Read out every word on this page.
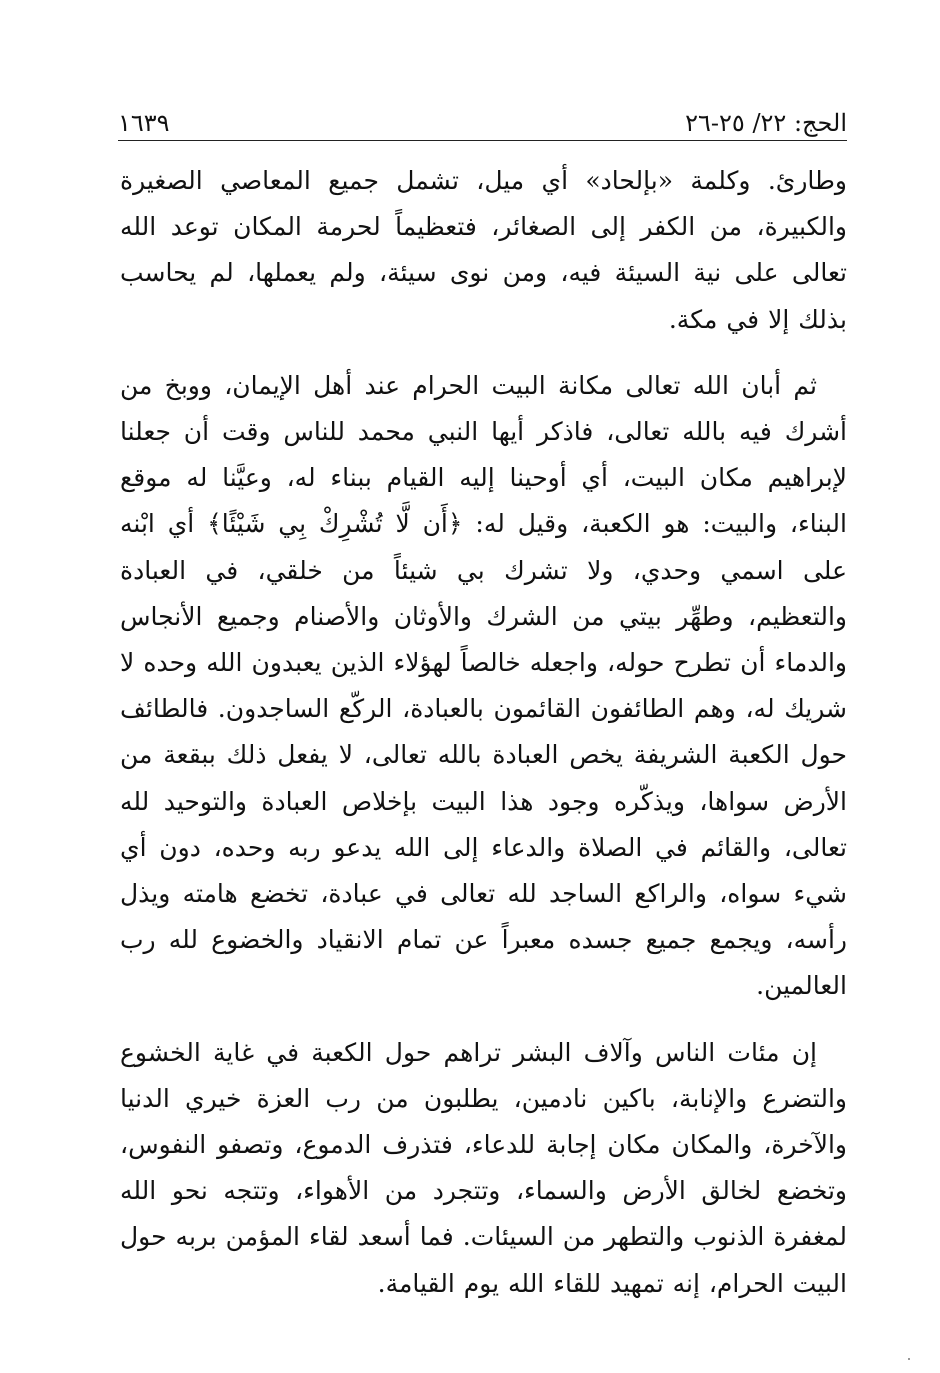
الحج: ٢٢/ ٢٥-٢٦
١٦٣٩

وطارئ. وكلمة «بإلحاد» أي ميل، تشمل جميع المعاصي الصغيرة والكبيرة، من الكفر إلى الصغائر، فتعظيماً لحرمة المكان توعد الله تعالى على نية السيئة فيه، ومن نوى سيئة، ولم يعملها، لم يحاسب بذلك إلا في مكة.

ثم أبان الله تعالى مكانة البيت الحرام عند أهل الإيمان، ووبخ من أشرك فيه بالله تعالى، فاذكر أيها النبي محمد للناس وقت أن جعلنا لإبراهيم مكان البيت، أي أوحينا إليه القيام ببناء له، وعيَّنا له موقع البناء، والبيت: هو الكعبة، وقيل له: ﴿أَن لَّا تُشْرِكْ بِي شَيْئًا﴾ أي ابْنه على اسمي وحدي، ولا تشرك بي شيئاً من خلقي، في العبادة والتعظيم، وطهِّر بيتي من الشرك والأوثان والأصنام وجميع الأنجاس والدماء أن تطرح حوله، واجعله خالصاً لهؤلاء الذين يعبدون الله وحده لا شريك له، وهم الطائفون القائمون بالعبادة، الركّع الساجدون. فالطائف حول الكعبة الشريفة يخص العبادة بالله تعالى، لا يفعل ذلك ببقعة من الأرض سواها، ويذكّره وجود هذا البيت بإخلاص العبادة والتوحيد لله تعالى، والقائم في الصلاة والدعاء إلى الله يدعو ربه وحده، دون أي شيء سواه، والراكع الساجد لله تعالى في عبادة، تخضع هامته ويذل رأسه، ويجمع جميع جسده معبراً عن تمام الانقياد والخضوع لله رب العالمين.

إن مئات الناس وآلاف البشر تراهم حول الكعبة في غاية الخشوع والتضرع والإنابة، باكين نادمين، يطلبون من رب العزة خيري الدنيا والآخرة، والمكان مكان إجابة للدعاء، فتذرف الدموع، وتصفو النفوس، وتخضع لخالق الأرض والسماء، وتتجرد من الأهواء، وتتجه نحو الله لمغفرة الذنوب والتطهر من السيئات. فما أسعد لقاء المؤمن بربه حول البيت الحرام، إنه تمهيد للقاء الله يوم القيامة.
